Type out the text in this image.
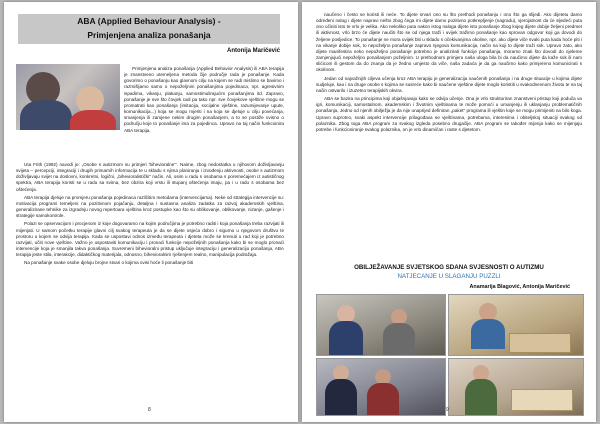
ABA (Applied Behaviour Analysis) -
Primjenjena analiza ponašanja
Antonija Maričević

Primjenjena analiza ponašanja (Applied Behavior Analysis) ili ABA terapija je znanstveno utemeljena metoda čije područje rada je ponašanje. Kada govorimo o ponašanju kao glavnom cilju na kojem se radi mislimo se bavimo i razmišljamo samo o nepoželjnim ponašanjima pojedinaca, npr. agresivnim ispadima, vikanju, plakanju, samostimulirajućim ponašanjima itd. Zapravo, ponašanje je sve što čovjek radi pa tako npr. sve čovjekove vještine mogu se promatrati kao ponašanja (imitacija, socijalne vještine, razumijevanje upute, komunikacija...) koja se mogu mjeriti i na koja se djeluje u cilju povećanja, smanjenja ili zamjene nekim drugim ponašanjem, a to se postiže ovisno o području koje to ponašanje ima za pojedinca. Upravo na taj način funkcionira ABA terapija.

Uta Frith (1992) navodi je: „Osobe s autizmom su primjeri 'bihevioralne'". Naime, zbog nedostatka u njihovom doživljavanju svijeta – percepciji, integraciji i drugih primarnih informacija te u skladu s njima planiranju i izvođenju aktivnosti, osobe s autizmom doživljavaju svijet na doslovni, konkretni, logični, „bihevioralistički" način. Ali, osim u radu s osobama s poremećajem iz autističnog spektra, ABA terapija koristi se u radu sa svima, bez obzira koji vrstu ili stupanj oštećenja imaju, pa i u radu s osobama bez oštećenja.

ABA terapija djeluje na promjeru ponašanja pojedinaca različitim metodama (intervencijama). Neke od strategija intervencije su: motivacija programi temeljeni na pozitivnom pojačanju, detaljna i sustavna analiza zadatka za razvoj akademskih vještina, generalizirane tehnike za izgradnju novog repertoara vještina kroz postupke kao što su oblikovanje, oblikovanje, nizanje, gašenje i strategije samokontrole.

Polazi se opservacijom i procjenom iz koje dogovaramo na kojim područjima je potrebno raditi i koja ponašanja treba razvijati ili mijenjati. U samom početku terapije glavni cilj svakog terapeuta je da se dijete osjeća dobro i sigurno u njegovom društvu te prostoru u kojem se odvija terapija. Kada se uspostavi odnos između terapeuta i djeteta može se krenuti u rad koji je potrebno razvijati, učiti nove vještine. Važno je uspostaviti komunikaciju i pronaći funkcije nepoželjnih ponašanja kako bi se moglo pronaći intervencije koja je smanjila takva ponašanja. Suvremeni bihevioralni pristup uključuje integraciju i generalizaciju ponašanja, ABA terapija jeste stila, interakcije, didaktičkog materijala, odnosno, bihevioralnim rješenjem realno, manipulacija podražaja.

Na ponašanje svake osobe djeluju brojne stvari o kojima ovisi hoće li ponašanje biti

8

naučeno i često se koristi ili neće. To dijete srvari ono su što prethodi ponašanju i ono što ga slijedi. Ako dijetetu damo određeni nalog i dijete napravi nešto zbog čega mi dijete damo pozitivno potkrepljenje (nagradu), vjerojatnost da će sljedeći puta ono učiniti isto te vrlo je velika. Ako nekoliko puta nakon istog naloga dijete isto ponašanje zbog kojeg dijete dobije željeni predmet ili aktivnost, vrlo brzo će dijete naučiti što se od njega traži i uvijek tražimo ponašanje kao sprovan odgovor koji ga dovodi do željene posljedice. To ponašanje ne mora uvijek biti u skladu s očekivanjima okoline, npr. ako dijete viče svaki puta kada hoće piti i na vikanje dobije sok, to nepoželjno ponašanje zapravo njegova komunikacija, način na koji to dijete traži sok. Upravo zato, ako dijete manifestira neko nepoželjno ponašanje potrebno je analizirati funkcije ponašanja, moramo znati što dovodi do njeleme zamjenjujući nepoželjno ponašanjem poželjnim. U prethodnom primjeru naša uloga bila bi da naučimo dijete da kaže sok ili nam slićicom ili gestom da do znanja da je žedno umjesto da viče, naša zadaća je da ga naučimo kako primjereno komunicirati s okolinom.

Jedan od najvažnijih ciljeva učenja kroz ABA terapiju je generalizacija naučenih ponašanja i na druge situacije u kojima dijete sudjeluje, kao i na druge osobe s kojima se susreće kako bi naučene vještine dijete moglo koristiti u svakodnevnom životu te na taj način ostvarilo i izuzetno terapijskih okvira.

ABA se bazira na principima koji objašnjavaju kako se odvija učenje. Ona je vrlo strukturiran znanstveni pristup koji poduča va igri, komunikaciji, samostalnom, akademskim i životnim vještinama te može pomoći u umanjenju ili uklanjanju problematičnih ponašanja. Jedno od njenih obilježja je da nije unaprijed definiran „paket" programa ili vještin koje se mogu primijeniti na bilo koga. Upravo suprotno, svaki aspekt intervencije prilagođava se vještinama, potrebama, interesima i obiteljskoj situaciji svakog od polaznika. Zbog toga ABA program za svakog izgleda posebno drugačije. ABA program se također mijenja kako se mijenjaju potrebe i funkcioniranje svakog polaznika, on je vrlo dinamičan i raste s djetetom.

OBILJEŽAVANJE SVJETSKOG SDANA SVJESNOSTI O AUTIZMU
NATJECANJE U SLAGANJU PUZZLI
Anamarija Blagović, Antonija Maričević
9
